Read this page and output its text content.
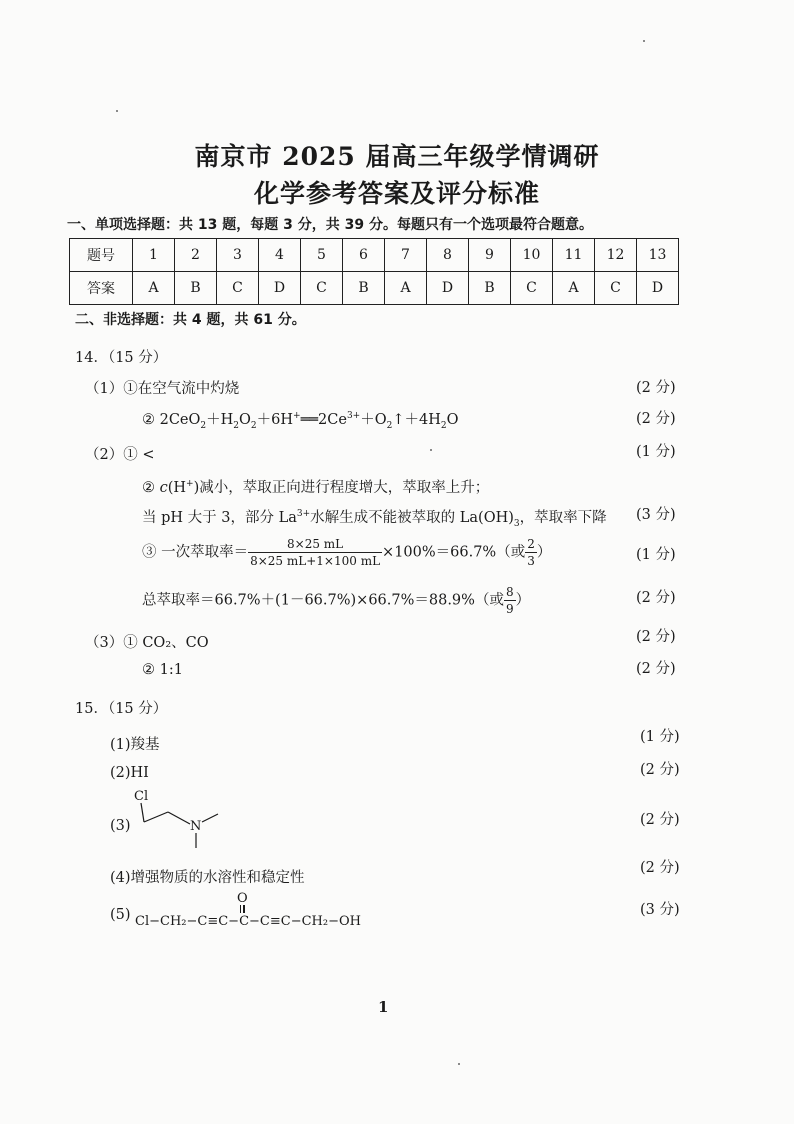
南京市 2025 届高三年级学情调研
化学参考答案及评分标准
一、单项选择题：共 13 题，每题 3 分，共 39 分。每题只有一个选项最符合题意。
题号	1	2	3	4	5	6	7	8	9	10	11	12	13
答案	A	B	C	D	C	B	A	D	B	C	A	C	D
二、非选择题：共 4 题，共 61 分。
14．（15 分）
（1）①在空气流中灼烧	(2 分)
② $2CeO_2+H_2O_2+6H^+══2Ce^{3+}+O_2↑+4H_2O$	(2 分)
（2）① <	(1 分)
② c(H+)减小，萃取正向进行程度增大，萃取率上升；
当 pH 大于 3，部分 $La^{3+}$水解生成不能被萃取的 $La(OH)_3$，萃取率下降 (3 分)
③ 一次萃取率＝ $\frac{8\times 25 mL}{8\times 25 mL+1\times 100 mL} \times 100\%=66.7\%$（或 $\frac{2}{3}$ ）	(1 分)
总萃取率＝66.7%＋(1－66.7%)×66.7%＝88.9%（或 $\frac{8}{9}$ ）	(2 分)
（3）① CO₂、CO	(2 分)
② 1:1	(2 分)
15．（15 分）
(1)羧基	(1 分)
(2)HI	(2 分)
(3)
Cl
N	(2 分)
(4)增强物质的水溶性和稳定性
(2 分)
(5)
O
Cl−CH₂−C≡C−C−C≡C−CH₂−OH
(3 分)
1
